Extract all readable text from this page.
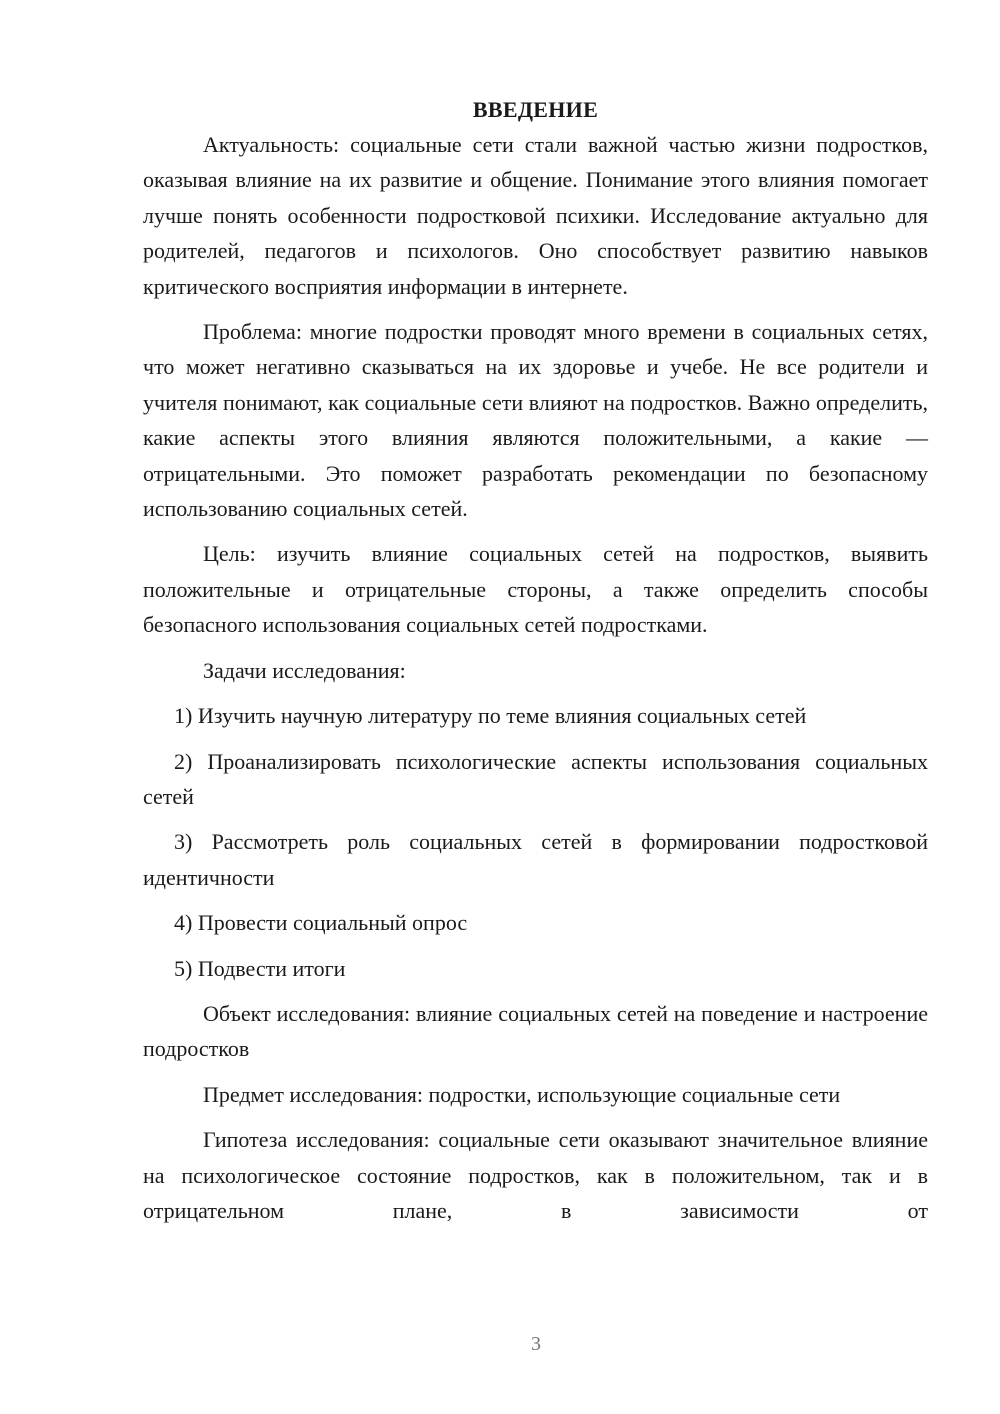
ВВЕДЕНИЕ

Актуальность: социальные сети стали важной частью жизни подростков, оказывая влияние на их развитие и общение. Понимание этого влияния помогает лучше понять особенности подростковой психики. Исследование актуально для родителей, педагогов и психологов. Оно способствует развитию навыков критического восприятия информации в интернете.

Проблема: многие подростки проводят много времени в социальных сетях, что может негативно сказываться на их здоровье и учебе. Не все родители и учителя понимают, как социальные сети влияют на подростков. Важно определить, какие аспекты этого влияния являются положительными, а какие — отрицательными. Это поможет разработать рекомендации по безопасному использованию социальных сетей.

Цель: изучить влияние социальных сетей на подростков, выявить положительные и отрицательные стороны, а также определить способы безопасного использования социальных сетей подростками.

Задачи исследования:

1) Изучить научную литературу по теме влияния социальных сетей

2) Проанализировать психологические аспекты использования социальных сетей

3) Рассмотреть роль социальных сетей в формировании подростковой идентичности

4) Провести социальный опрос

5) Подвести итоги

Объект исследования: влияние социальных сетей на поведение и настроение подростков

Предмет исследования: подростки, использующие социальные сети

Гипотеза исследования: социальные сети оказывают значительное влияние на психологическое состояние подростков, как в положительном, так и в отрицательном плане, в зависимости от

3
